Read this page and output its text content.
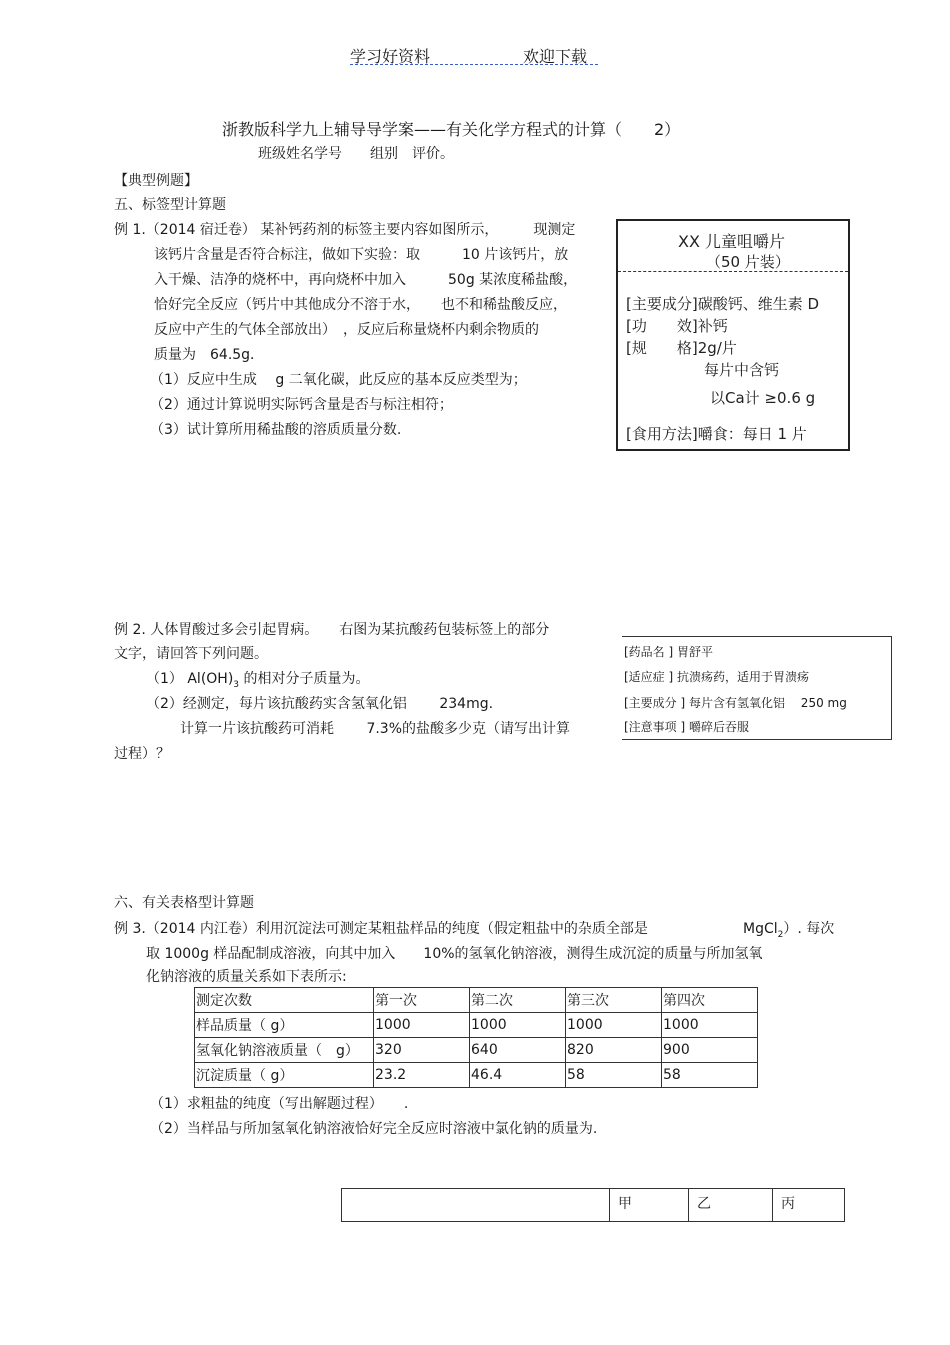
学习好资料	欢迎下载
浙教版科学九上辅导导学案——有关化学方程式的计算（　　2）
班级姓名学号　　组别　评价。
【典型例题】
五、标签型计算题
例 1.（2014 宿迁卷） 某补钙药剂的标签主要内容如图所示，　　　现测定
该钙片含量是否符合标注，做如下实验：取　　　10 片该钙片，放
入干燥、洁净的烧杯中，再向烧杯中加入　　　50g 某浓度稀盐酸，
恰好完全反应（钙片中其他成分不溶于水，　　也不和稀盐酸反应，
反应中产生的气体全部放出）　，反应后称量烧杯内剩余物质的
质量为　64.5g．
（1）反应中生成　 g 二氧化碳，此反应的基本反应类型为；
（2）通过计算说明实际钙含量是否与标注相符；
（3）试计算所用稀盐酸的溶质质量分数.
XX 儿童咀嚼片
（50 片装）
[主要成分]碳酸钙、维生素 D
[功　　效]补钙
[规　　格]2g/片
每片中含钙
以Ca计 ≥0.6 g
[食用方法]嚼食：每日 1 片
例 2. 人体胃酸过多会引起胃病。　　右图为某抗酸药包装标签上的部分
文字，请回答下列问题。
（1） $Al(OH)_3$ 的相对分子质量为。
（2）经测定，每片该抗酸药实含氢氧化铝　　 234mg.
计算一片该抗酸药可消耗　　 7.3%的盐酸多少克（请写出计算
过程）？
[药品名 ] 胃舒平
[适应症 ] 抗溃疡药，适用于胃溃疡
[主要成分 ] 每片含有氢氧化铝　 250 mg
[注意事项 ] 嚼碎后吞服
六、有关表格型计算题
例 3.（2014 内江卷）利用沉淀法可测定某粗盐样品的纯度（假定粗盐中的杂质全部是	MgCl$_2$）. 每次
取 1000g 样品配制成溶液，向其中加入　　10%的氢氧化钠溶液，测得生成沉淀的质量与所加氢氧
化钠溶液的质量关系如下表所示:
测定次数	第一次	第二次	第三次	第四次
样品质量（ g）	1000	1000	1000	1000
氢氧化钠溶液质量（　g）	320	640	820	900
沉淀质量（ g）	23.2	46.4	58	58
（1）求粗盐的纯度（写出解题过程）　　.
（2）当样品与所加氢氧化钠溶液恰好完全反应时溶液中氯化钠的质量为.
	甲	乙	丙
